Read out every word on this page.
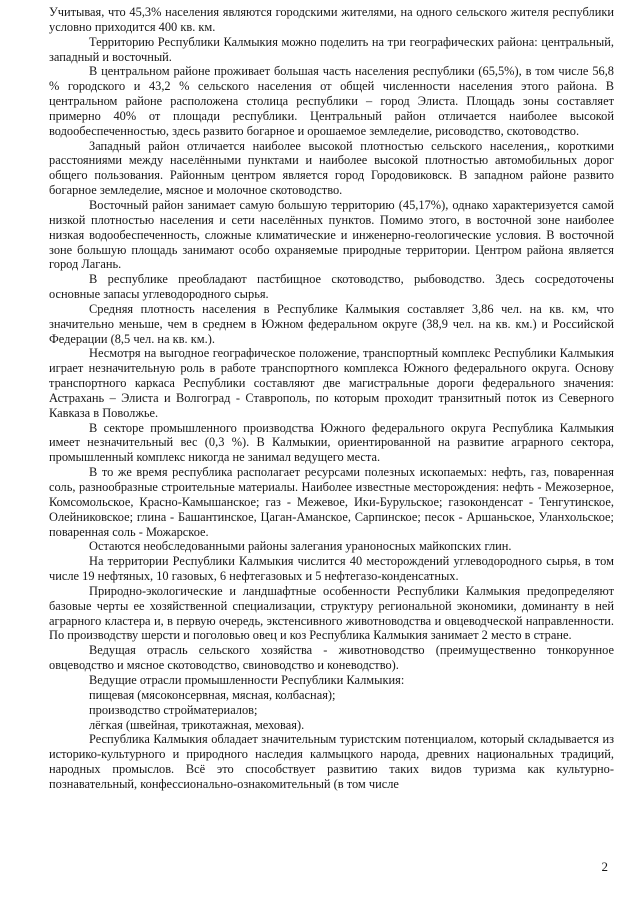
Учитывая, что 45,3% населения являются городскими жителями, на одного сельского жителя республики условно приходится 400 кв. км.

Территорию Республики Калмыкия можно поделить на три географических района: центральный, западный и восточный.

В центральном районе проживает большая часть населения республики (65,5%), в том числе 56,8 % городского и 43,2 % сельского населения от общей численности населения этого района. В центральном районе расположена столица республики – город Элиста. Площадь зоны составляет примерно 40% от площади республики. Центральный район отличается наиболее высокой водообеспеченностью, здесь развито богарное и орошаемое земледелие, рисоводство, скотоводство.

Западный район отличается наиболее высокой плотностью сельского населения,, короткими расстояниями между населёнными пунктами и наиболее высокой плотностью автомобильных дорог общего пользования. Районным центром является город Городовиковск. В западном районе развито богарное земледелие, мясное и молочное скотоводство.

Восточный район занимает самую большую территорию (45,17%), однако характеризуется самой низкой плотностью населения и сети населённых пунктов. Помимо этого, в восточной зоне наиболее низкая водообеспеченность, сложные климатические и инженерно-геологические условия. В восточной зоне большую площадь занимают особо охраняемые природные территории. Центром района является город Лагань.

В республике преобладают пастбищное скотоводство, рыбоводство. Здесь сосредоточены основные запасы углеводородного сырья.

Средняя плотность населения в Республике Калмыкия составляет 3,86 чел. на кв. км, что значительно меньше, чем в среднем в Южном федеральном округе (38,9 чел. на кв. км.) и Российской Федерации (8,5 чел. на кв. км.).

Несмотря на выгодное географическое положение, транспортный комплекс Республики Калмыкия играет незначительную роль в работе транспортного комплекса Южного федерального округа. Основу транспортного каркаса Республики составляют две магистральные дороги федерального значения: Астрахань – Элиста и Волгоград - Ставрополь, по которым проходит транзитный поток из Северного Кавказа в Поволжье.

В секторе промышленного производства Южного федерального округа Республика Калмыкия имеет незначительный вес (0,3 %). В Калмыкии, ориентированной на развитие аграрного сектора, промышленный комплекс никогда не занимал ведущего места.

В то же время республика располагает ресурсами полезных ископаемых: нефть, газ, поваренная соль, разнообразные строительные материалы. Наиболее известные месторождения: нефть - Межозерное, Комсомольское, Красно-Камышанское; газ - Межевое, Ики-Бурульское; газоконденсат - Тенгутинское, Олейниковское; глина - Башантинское, Цаган-Аманское, Сарпинское; песок - Аршаньское, Уланхольское; поваренная соль - Можарское.

Остаются необследованными районы залегания ураноносных майкопских глин.

На территории Республики Калмыкия числится 40 месторождений углеводородного сырья, в том числе 19 нефтяных, 10 газовых, 6 нефтегазовых и 5 нефтегазо-конденсатных.

Природно-экологические и ландшафтные особенности Республики Калмыкия предопределяют базовые черты ее хозяйственной специализации, структуру региональной экономики, доминанту в ней аграрного кластера и, в первую очередь, экстенсивного животноводства и овцеводческой направленности. По производству шерсти и поголовью овец и коз Республика Калмыкия занимает 2 место в стране.

Ведущая отрасль сельского хозяйства - животноводство (преимущественно тонкорунное овцеводство и мясное скотоводство, свиноводство и коневодство).

Ведущие отрасли промышленности Республики Калмыкия:

пищевая (мясоконсервная, мясная, колбасная);

производство стройматериалов;

лёгкая (швейная, трикотажная, меховая).

Республика Калмыкия обладает значительным туристским потенциалом, который складывается из историко-культурного и природного наследия калмыцкого народа, древних национальных традиций, народных промыслов. Всё это способствует развитию таких видов туризма как культурно-познавательный, конфессионально-ознакомительный (в том числе

2
